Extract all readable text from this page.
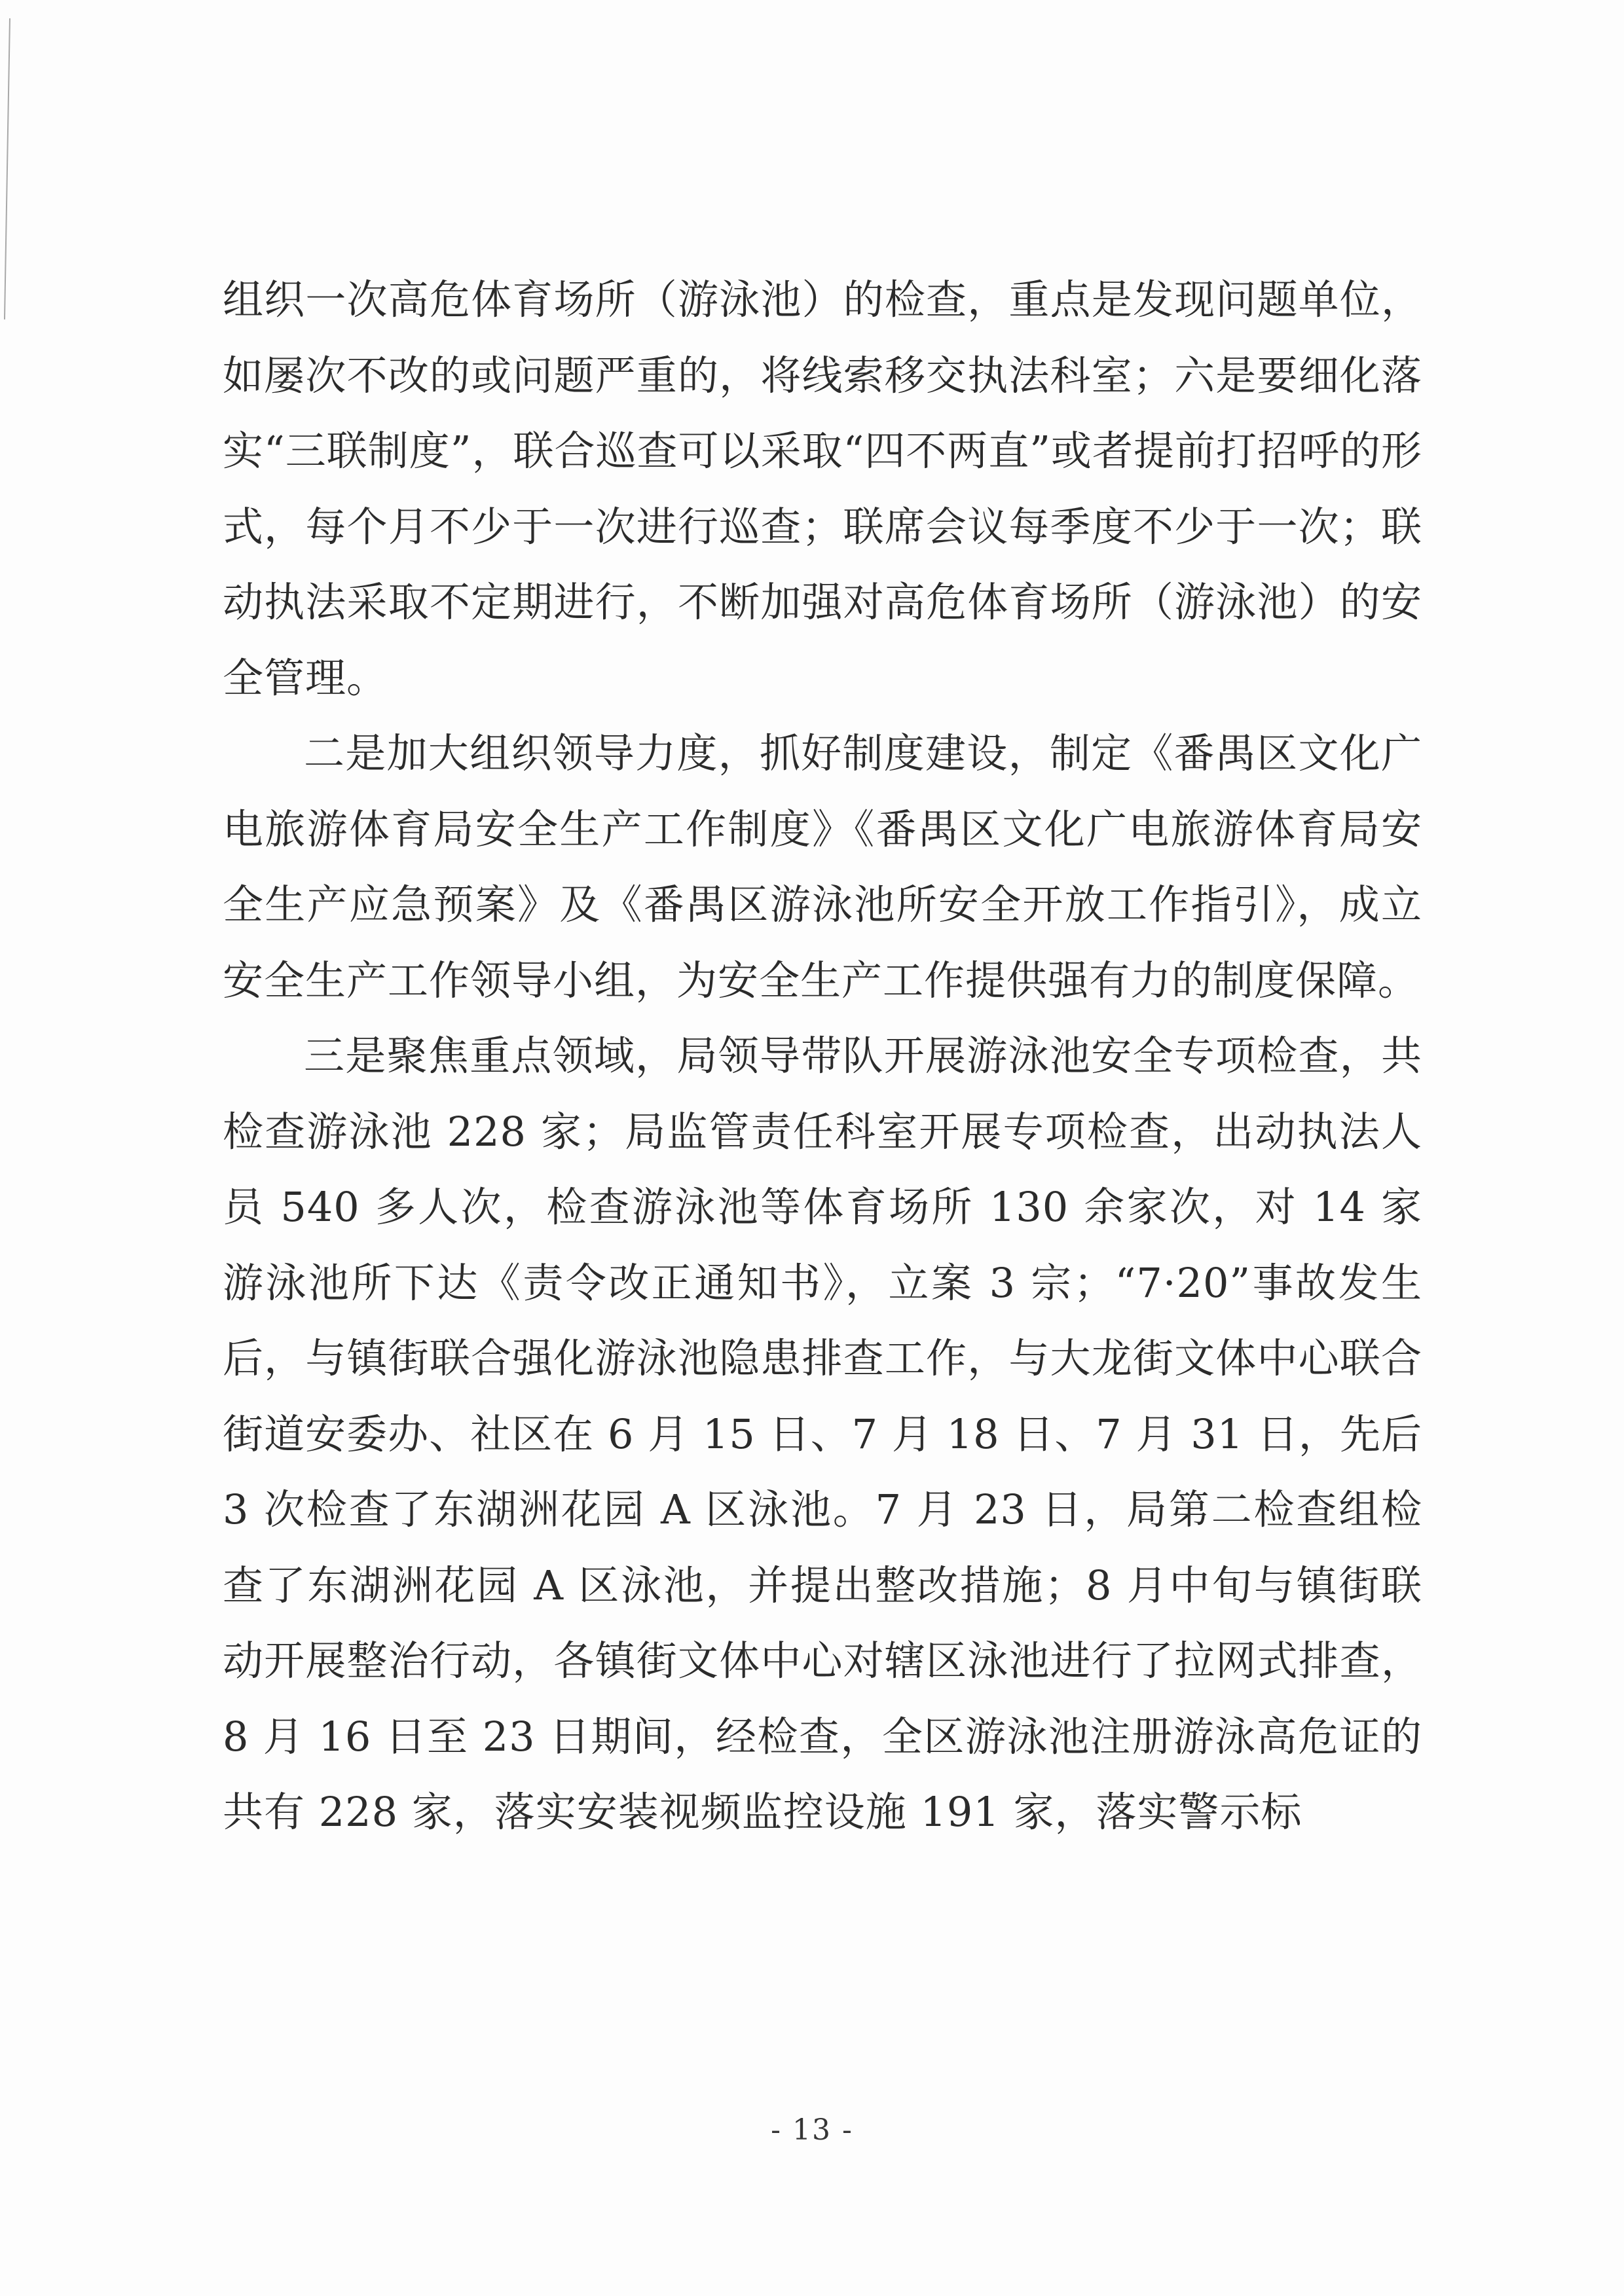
组织一次高危体育场所（游泳池）的检查，重点是发现问题单位，如屡次不改的或问题严重的，将线索移交执法科室；六是要细化落实“三联制度”，联合巡查可以采取“四不两直”或者提前打招呼的形式，每个月不少于一次进行巡查；联席会议每季度不少于一次；联动执法采取不定期进行，不断加强对高危体育场所（游泳池）的安全管理。

二是加大组织领导力度，抓好制度建设，制定《番禺区文化广电旅游体育局安全生产工作制度》《番禺区文化广电旅游体育局安全生产应急预案》及《番禺区游泳池所安全开放工作指引》，成立安全生产工作领导小组，为安全生产工作提供强有力的制度保障。

三是聚焦重点领域，局领导带队开展游泳池安全专项检查，共检查游泳池 228 家；局监管责任科室开展专项检查，出动执法人员 540 多人次，检查游泳池等体育场所 130 余家次，对 14 家游泳池所下达《责令改正通知书》，立案 3 宗；“7·20”事故发生后，与镇街联合强化游泳池隐患排查工作，与大龙街文体中心联合街道安委办、社区在 6 月 15 日、7 月 18 日、7 月 31 日，先后 3 次检查了东湖洲花园 A 区泳池。7 月 23 日，局第二检查组检查了东湖洲花园 A 区泳池，并提出整改措施；8 月中旬与镇街联动开展整治行动，各镇街文体中心对辖区泳池进行了拉网式排查，8 月 16 日至 23 日期间，经检查，全区游泳池注册游泳高危证的共有 228 家，落实安装视频监控设施 191 家，落实警示标

- 13 -
